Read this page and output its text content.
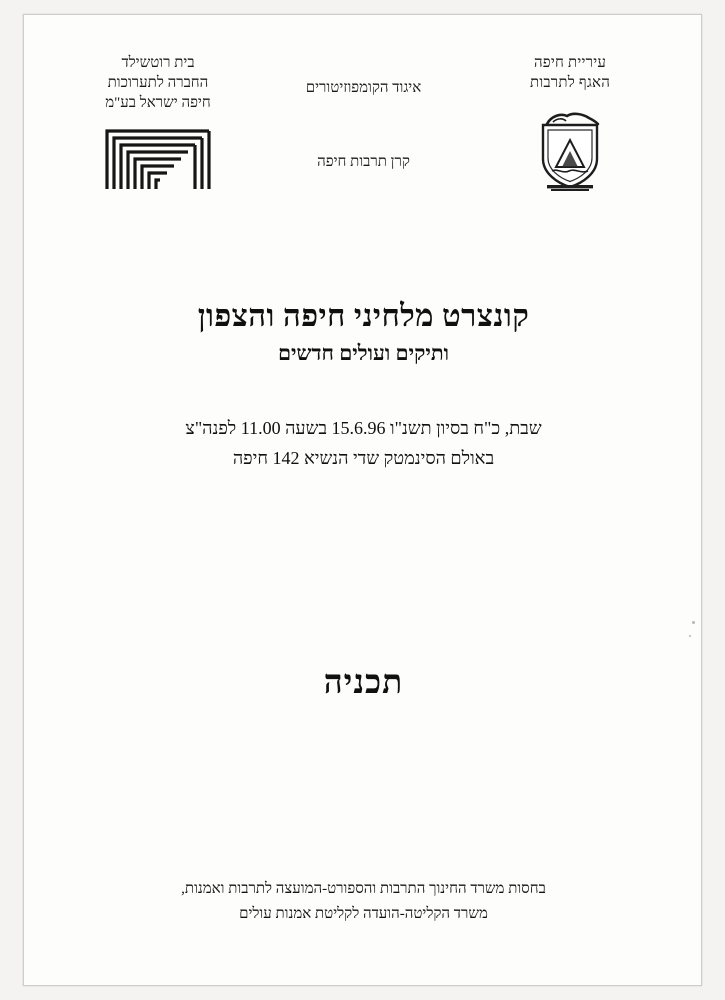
עיריית חיפה
האגף לתרבות
איגוד הקומפוזיטורים
קרן תרבות חיפה
בית רוטשילד
החברה לתערוכות
חיפה ישראל בע"מ
קונצרט מלחיני חיפה והצפון
ותיקים ועולים חדשים
שבת, כ"ח בסיון תשנ"ו 15.6.96 בשעה 11.00 לפנה"צ
באולם הסינמטק שדי הנשיא 142 חיפה
תכניה
בחסות משרד החינוך התרבות והספורט-המועצה לתרבות ואמנות,
משרד הקליטה-הועדה לקליטת אמנות עולים
